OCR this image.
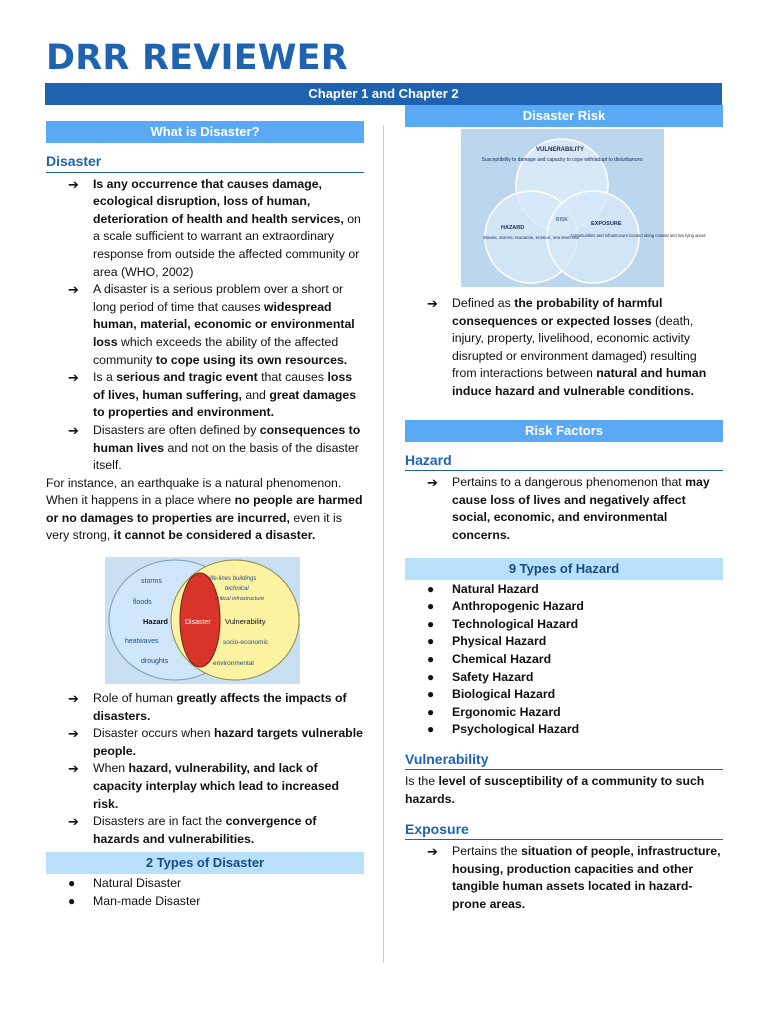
DRR REVIEWER
Chapter 1 and Chapter 2
What is Disaster?
Disaster
➔ Is any occurrence that causes damage, ecological disruption, loss of human, deterioration of health and health services, on a scale sufficient to warrant an extraordinary response from outside the affected community or area (WHO, 2002)
➔ A disaster is a serious problem over a short or long period of time that causes widespread human, material, economic or environmental loss which exceeds the ability of the affected community to cope using its own resources.
➔ Is a serious and tragic event that causes loss of lives, human suffering, and great damages to properties and environment.
➔ Disasters are often defined by consequences to human lives and not on the basis of the disaster itself.

For instance, an earthquake is a natural phenomenon. When it happens in a place where no people are harmed or no damages to properties are incurred, even it is very strong, it cannot be considered a disaster.

storms
floods
Hazard
heatwaves
droughts
Disaster
life-lines buildings
technical
critical infrastructure
Vulnerability
socio-economic
environmental
➔ Role of human greatly affects the impacts of disasters.
➔ Disaster occurs when hazard targets vulnerable people.
➔ When hazard, vulnerability, and lack of capacity interplay which lead to increased risk.
➔ Disasters are in fact the convergence of hazards and vulnerabilities.
2 Types of Disaster
● Natural Disaster
● Man-made Disaster
Disaster Risk
VULNERABILITY
Susceptibility to damage and capacity to cope with/adapt to disturbances
HAZARD
Waves, storms, tsunamis, erosion, sea level rise
EXPOSURE
Communities and infrastrucure located along coastal and low lying areas
RISK
➔ Defined as the probability of harmful consequences or expected losses (death, injury, property, livelihood, economic activity disrupted or environment damaged) resulting from interactions between natural and human induce hazard and vulnerable conditions.
Risk Factors
Hazard
➔ Pertains to a dangerous phenomenon that may cause loss of lives and negatively affect social, economic, and environmental concerns.
9 Types of Hazard
● Natural Hazard
● Anthropogenic Hazard
● Technological Hazard
● Physical Hazard
● Chemical Hazard
● Safety Hazard
● Biological Hazard
● Ergonomic Hazard
● Psychological Hazard
Vulnerability

Is the level of susceptibility of a community to such hazards.

Exposure
➔ Pertains the situation of people, infrastructure, housing, production capacities and other tangible human assets located in hazard-prone areas.
